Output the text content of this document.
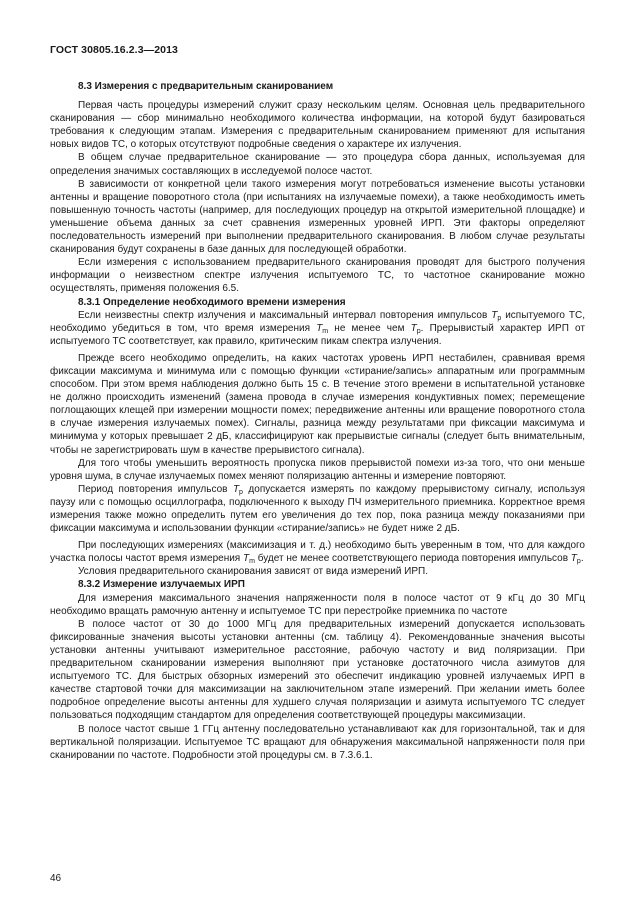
ГОСТ 30805.16.2.3—2013
8.3 Измерения с предварительным сканированием

Первая часть процедуры измерений служит сразу нескольким целям. Основная цель предварительного сканирования — сбор минимально необходимого количества информации, на которой будут базироваться требования к следующим этапам. Измерения с предварительным сканированием применяют для испытания новых видов ТС, о которых отсутствуют подробные сведения о характере их излучения.

В общем случае предварительное сканирование — это процедура сбора данных, используемая для определения значимых составляющих в исследуемой полосе частот.

В зависимости от конкретной цели такого измерения могут потребоваться изменение высоты установки антенны и вращение поворотного стола (при испытаниях на излучаемые помехи), а также необходимость иметь повышенную точность частоты (например, для последующих процедур на открытой измерительной площадке) и уменьшение объема данных за счет сравнения измеренных уровней ИРП. Эти факторы определяют последовательность измерений при выполнении предварительного сканирования. В любом случае результаты сканирования будут сохранены в базе данных для последующей обработки.

Если измерения с использованием предварительного сканирования проводят для быстрого получения информации о неизвестном спектре излучения испытуемого ТС, то частотное сканирование можно осуществлять, применяя положения 6.5.

8.3.1 Определение необходимого времени измерения

Если неизвестны спектр излучения и максимальный интервал повторения импульсов $T_р$ испытуемого ТС, необходимо убедиться в том, что время измерения $T_m$ не менее чем $T_р$. Прерывистый характер ИРП от испытуемого ТС соответствует, как правило, критическим пикам спектра излучения.

Прежде всего необходимо определить, на каких частотах уровень ИРП нестабилен, сравнивая время фиксации максимума и минимума или с помощью функции «стирание/запись» аппаратным или программным способом. При этом время наблюдения должно быть 15 с. В течение этого времени в испытательной установке не должно происходить изменений (замена провода в случае измерения кондуктивных помех; перемещение поглощающих клещей при измерении мощности помех; передвижение антенны или вращение поворотного стола в случае измерения излучаемых помех). Сигналы, разница между результатами при фиксации максимума и минимума у которых превышает 2 дБ, классифицируют как прерывистые сигналы (следует быть внимательным, чтобы не зарегистрировать шум в качестве прерывистого сигнала).

Для того чтобы уменьшить вероятность пропуска пиков прерывистой помехи из-за того, что они меньше уровня шума, в случае излучаемых помех меняют поляризацию антенны и измерение повторяют.

Период повторения импульсов $T_р$ допускается измерять по каждому прерывистому сигналу, используя паузу или с помощью осциллографа, подключенного к выходу ПЧ измерительного приемника. Корректное время измерения также можно определить путем его увеличения до тех пор, пока разница между показаниями при фиксации максимума и использовании функции «стирание/запись» не будет ниже 2 дБ.

При последующих измерениях (максимизация и т. д.) необходимо быть уверенным в том, что для каждого участка полосы частот время измерения $T_m$ будет не менее соответствующего периода повторения импульсов $T_р$.

Условия предварительного сканирования зависят от вида измерений ИРП.

8.3.2 Измерение излучаемых ИРП

Для измерения максимального значения напряженности поля в полосе частот от 9 кГц до 30 МГц необходимо вращать рамочную антенну и испытуемое ТС при перестройке приемника по частоте

В полосе частот от 30 до 1000 МГц для предварительных измерений допускается использовать фиксированные значения высоты установки антенны (см. таблицу 4). Рекомендованные значения высоты установки антенны учитывают измерительное расстояние, рабочую частоту и вид поляризации. При предварительном сканировании измерения выполняют при установке достаточного числа азимутов для испытуемого ТС. Для быстрых обзорных измерений это обеспечит индикацию уровней излучаемых ИРП в качестве стартовой точки для максимизации на заключительном этапе измерений. При желании иметь более подробное определение высоты антенны для худшего случая поляризации и азимута испытуемого ТС следует пользоваться подходящим стандартом для определения соответствующей процедуры максимизации.

В полосе частот свыше 1 ГГц антенну последовательно устанавливают как для горизонтальной, так и для вертикальной поляризации. Испытуемое ТС вращают для обнаружения максимальной напряженности поля при сканировании по частоте. Подробности этой процедуры см. в 7.3.6.1.

46
